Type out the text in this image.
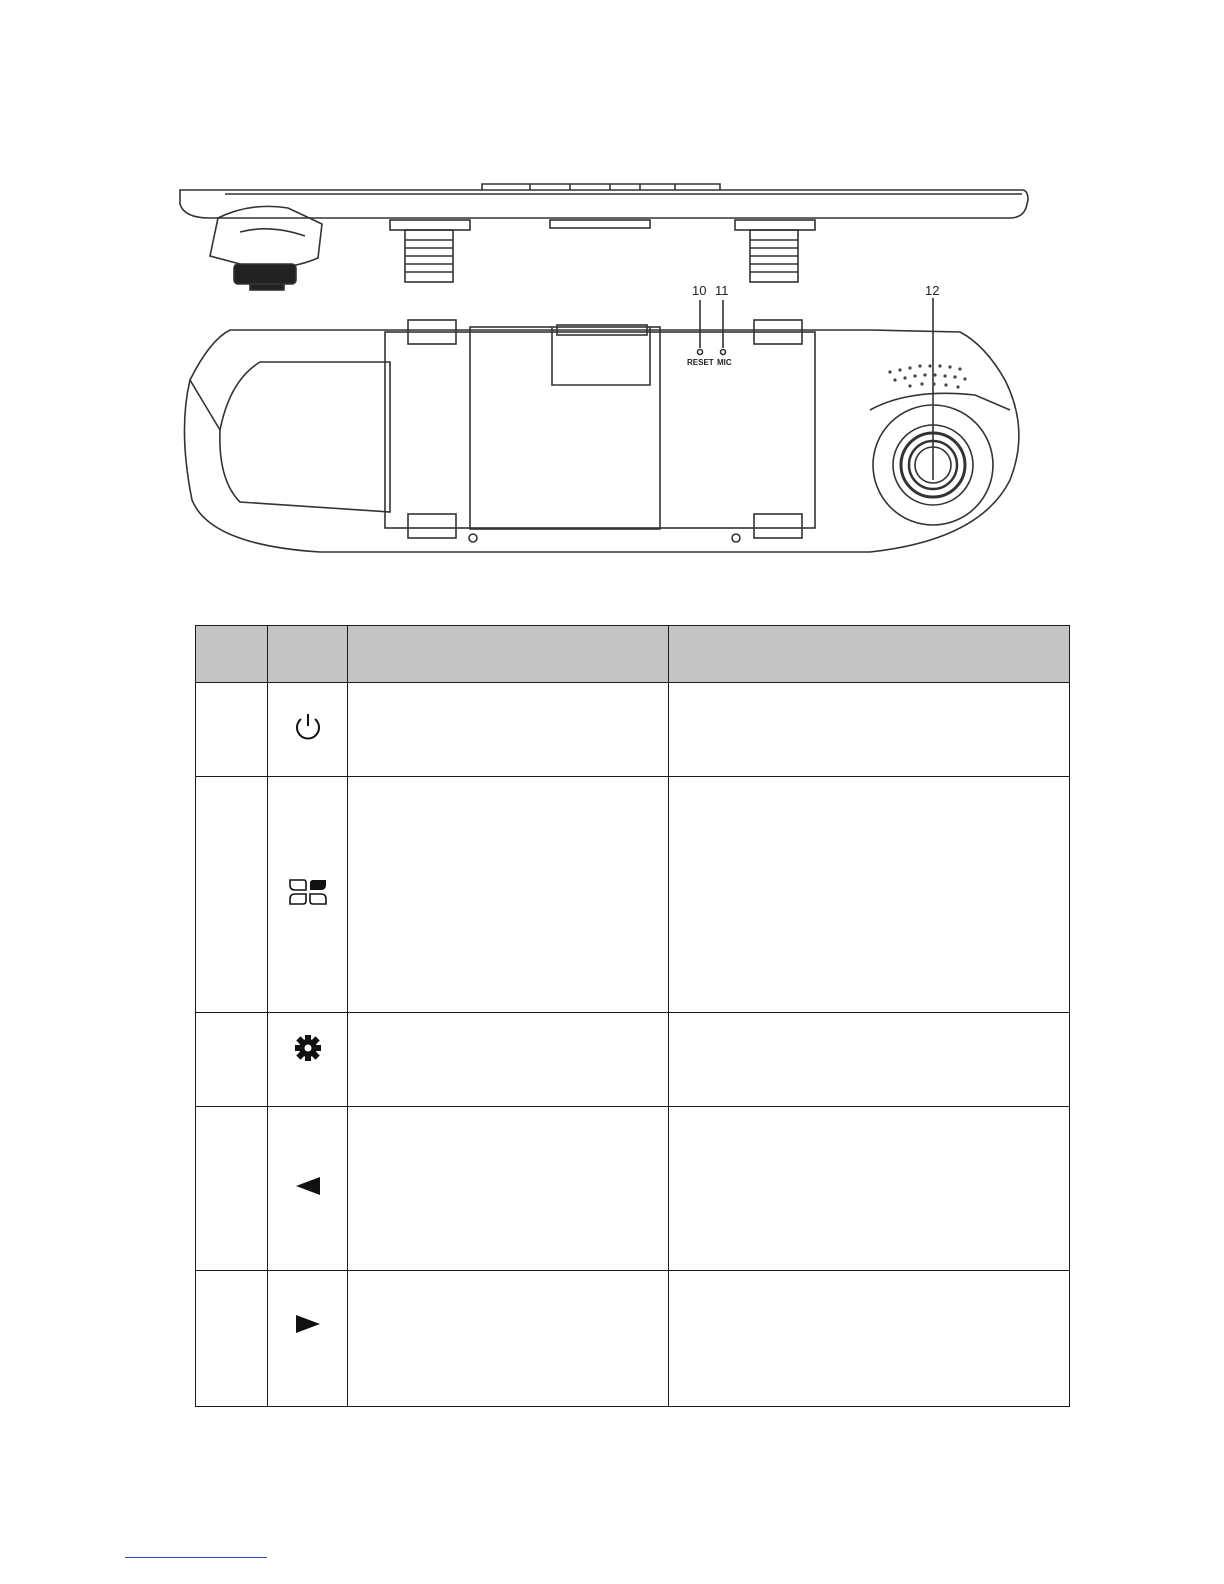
10 11	12
RESET MIC
